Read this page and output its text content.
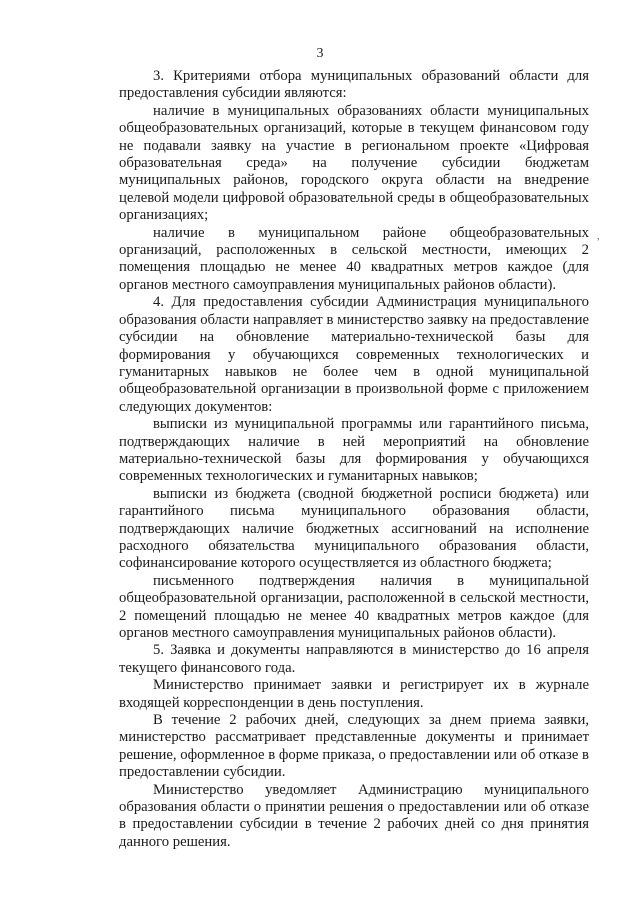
3
,

3. Критериями отбора муниципальных образований области для предоставления субсидии являются:

наличие в муниципальных образованиях области муниципальных общеобразовательных организаций, которые в текущем финансовом году не подавали заявку на участие в региональном проекте «Цифровая образовательная среда» на получение субсидии бюджетам муниципальных районов, городского округа области на внедрение целевой модели цифровой образовательной среды в общеобразовательных организациях;

наличие в муниципальном районе общеобразовательных организаций, расположенных в сельской местности, имеющих 2 помещения площадью не менее 40 квадратных метров каждое (для органов местного самоуправления муниципальных районов области).

4. Для предоставления субсидии Администрация муниципального образования области направляет в министерство заявку на предоставление субсидии на обновление материально-технической базы для формирования у обучающихся современных технологических и гуманитарных навыков не более чем в одной муниципальной общеобразовательной организации в произвольной форме с приложением следующих документов:

выписки из муниципальной программы или гарантийного письма, подтверждающих наличие в ней мероприятий на обновление материально-технической базы для формирования у обучающихся современных технологических и гуманитарных навыков;

выписки из бюджета (сводной бюджетной росписи бюджета) или гарантийного письма муниципального образования области, подтверждающих наличие бюджетных ассигнований на исполнение расходного обязательства муниципального образования области, софинансирование которого осуществляется из областного бюджета;

письменного подтверждения наличия в муниципальной общеобразовательной организации, расположенной в сельской местности, 2 помещений площадью не менее 40 квадратных метров каждое (для органов местного самоуправления муниципальных районов области).

5. Заявка и документы направляются в министерство до 16 апреля текущего финансового года.

Министерство принимает заявки и регистрирует их в журнале входящей корреспонденции в день поступления.

В течение 2 рабочих дней, следующих за днем приема заявки, министерство рассматривает представленные документы и принимает решение, оформленное в форме приказа, о предоставлении или об отказе в предоставлении субсидии.

Министерство уведомляет Администрацию муниципального образования области о принятии решения о предоставлении или об отказе в предоставлении субсидии в течение 2 рабочих дней со дня принятия данного решения.
